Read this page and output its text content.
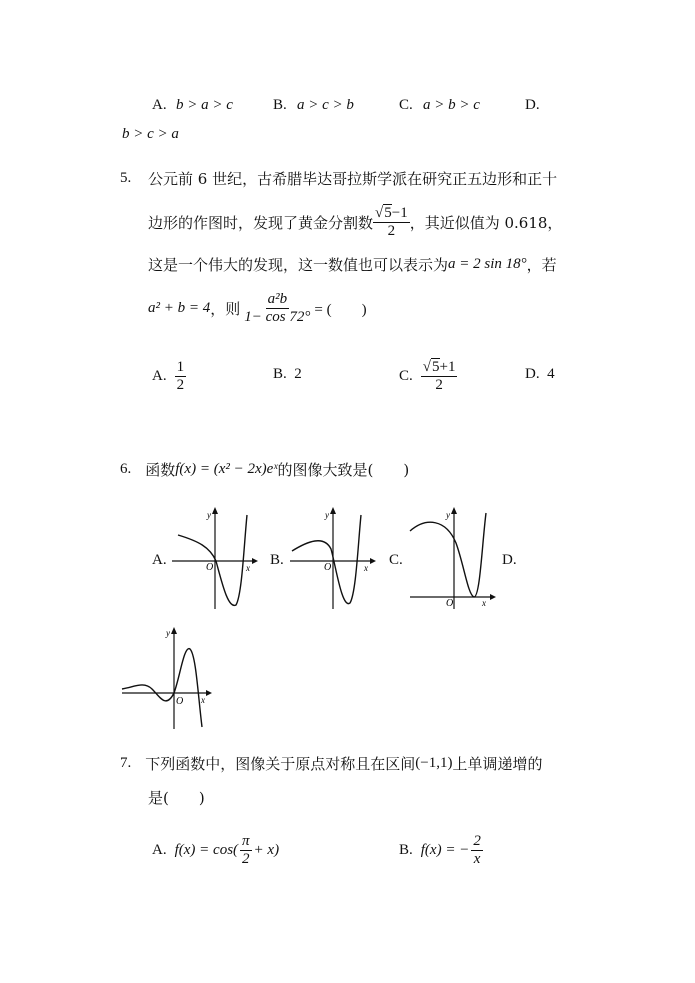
A. b > a > c	B. a > c > b	C. a > b > c	D.
b > c > a
5. 公元前 6 世纪，古希腊毕达哥拉斯学派在研究正五边形和正十
边形的作图时，发现了黄金分割数 $\frac{√5-1}{2}$ ，其近似值为 0.618，
这是一个伟大的发现，这一数值也可以表示为 a = 2 sin 18° ，若
a² + b = 4 ，则 $\frac{\text{a²b}}{1- \cos 72^\circ}$ = (　　)
A. $\frac{1}{2}$	B. 2	C. $\frac{√5+1}{2}$	D. 4
6. 函数 f(x) = (x² − 2x)eˣ 的图像大致是(　　)
A.	B.	C.	D.
y
O	x
y
O	x
y
O	x
y
O x
7. 下列函数中，图像关于原点对称且在区间 (−1,1) 上单调递增的
是(　　)
A. $f(x) = \cos( \frac{\pi}{2} + x)$	B. f(x) = − $\frac{2}{x}$
